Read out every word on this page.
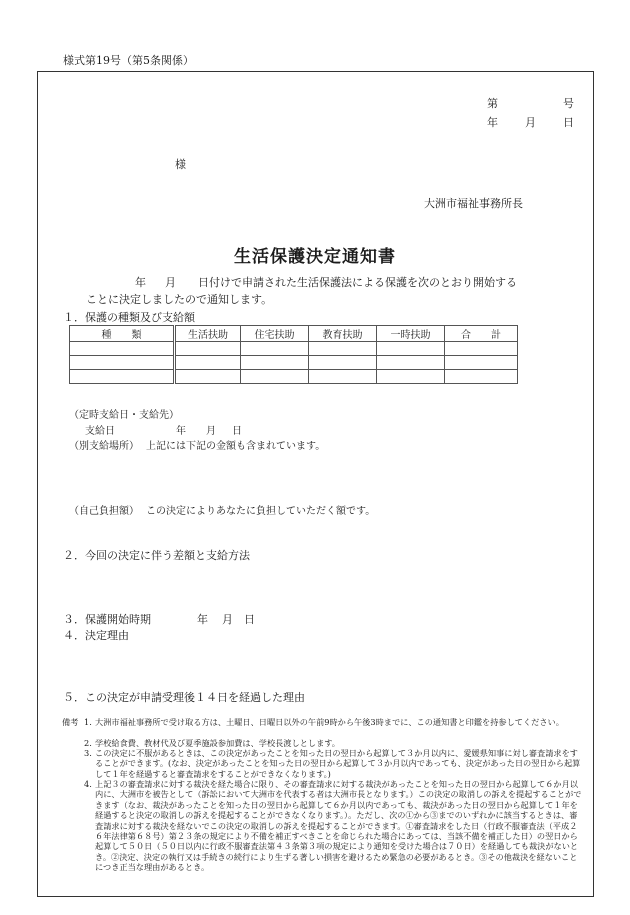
様式第19号（第5条関係）
第	号
年 月 日
様
大洲市福祉事務所長
生活保護決定通知書
年 月 日付けで申請された生活保護法による保護を次のとおり開始する
ことに決定しましたので通知します。
１．保護の種類及び支給額
種　　類	生活扶助	住宅扶助	教育扶助	一時扶助	合　　計

（定時支給日・支給先）
支給日	年 月 日
（別支給場所） 上記には下記の金額も含まれています。
（自己負担額） この決定によりあなたに負担していただく額です。
２．今回の決定に伴う差額と支給方法
３．保護開始時期	年 月 日
４．決定理由
５．この決定が申請受理後１４日を経過した理由
備考 1. 大洲市福祉事務所で受け取る方は、土曜日、日曜日以外の午前9時から午後3時までに、この通知書と印鑑を持参してください。
2. 学校給食費、教材代及び夏季施設参加費は、学校長渡しとします。
3. この決定に不服があるときは、この決定があったことを知った日の翌日から起算して３か月以内に、愛媛県知事に対し審査請求をすることができます。(なお、決定があったことを知った日の翌日から起算して３か月以内であっても、決定があった日の翌日から起算して１年を経過すると審査請求をすることができなくなります。)
4. 上記３の審査請求に対する裁決を経た場合に限り、その審査請求に対する裁決があったことを知った日の翌日から起算して６か月以内に、大洲市を被告として（訴訟において大洲市を代表する者は大洲市長となります。）この決定の取消しの訴えを提起することができます（なお、裁決があったことを知った日の翌日から起算して６か月以内であっても、裁決があった日の翌日から起算して１年を経過すると決定の取消しの訴えを提起することができなくなります。）。ただし、次の①から③までのいずれかに該当するときは、審査請求に対する裁決を経ないでこの決定の取消しの訴えを提起することができます。①審査請求をした日（行政不服審査法（平成２６年法律第６８号）第２３条の規定により不備を補正すべきことを命じられた場合にあっては、当該不備を補正した日）の翌日から起算して５０日（５０日以内に行政不服審査法第４３条第３項の規定により通知を受けた場合は７０日）を経過しても裁決がないとき。②決定、決定の執行又は手続きの続行により生ずる著しい損害を避けるため緊急の必要があるとき。③その他裁決を経ないことにつき正当な理由があるとき。
